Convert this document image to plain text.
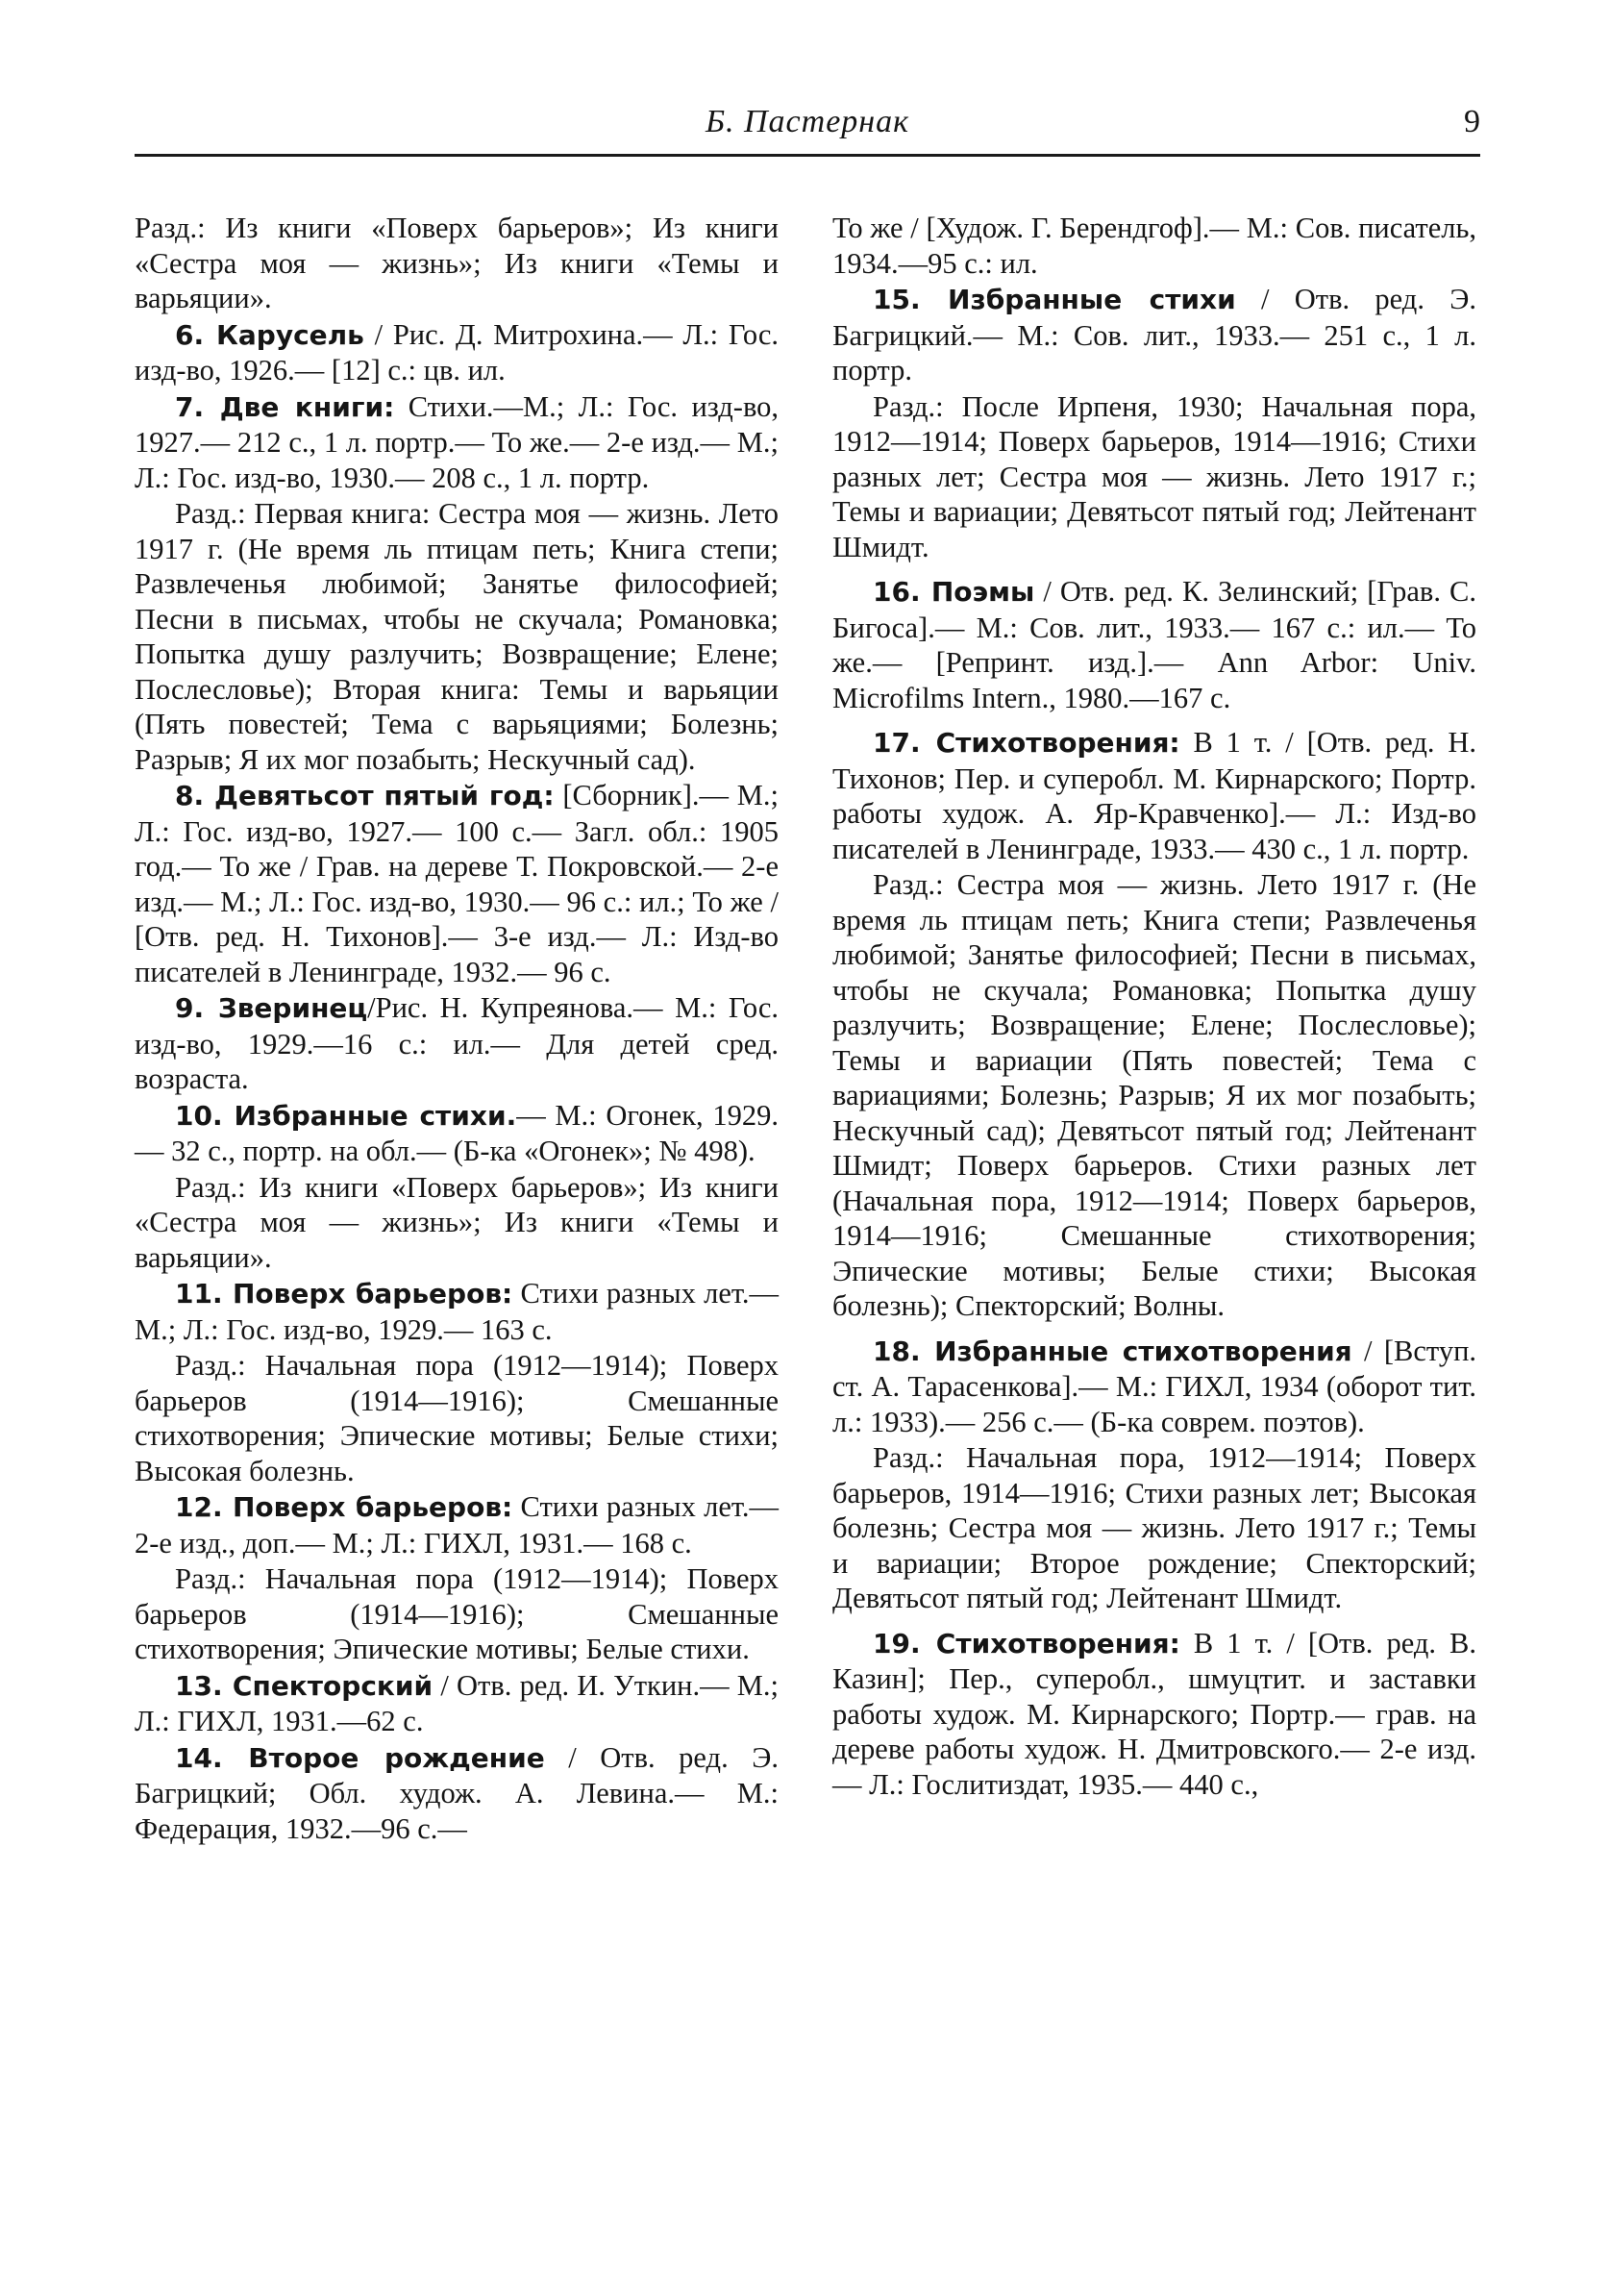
Б. Пастернак	9

Разд.: Из книги «Поверх барьеров»; Из книги «Сестра моя — жизнь»; Из книги «Темы и варьяции».

6. Карусель / Рис. Д. Митрохина.— Л.: Гос. изд-во, 1926.— [12] с.: цв. ил.

7. Две книги: Стихи.—М.; Л.: Гос. изд-во, 1927.— 212 с., 1 л. портр.— То же.— 2-е изд.— М.; Л.: Гос. изд-во, 1930.— 208 с., 1 л. портр.

Разд.: Первая книга: Сестра моя — жизнь. Лето 1917 г. (Не время ль птицам петь; Книга степи; Развлеченья любимой; Занятье философией; Песни в письмах, чтобы не скучала; Романовка; Попытка душу разлучить; Возвращение; Елене; Послесловье); Вторая книга: Темы и варьяции (Пять повестей; Тема с варьяциями; Болезнь; Разрыв; Я их мог позабыть; Нескучный сад).

8. Девятьсот пятый год: [Сборник].— М.; Л.: Гос. изд-во, 1927.— 100 с.— Загл. обл.: 1905 год.— То же / Грав. на дереве Т. Покровской.— 2-е изд.— М.; Л.: Гос. изд-во, 1930.— 96 с.: ил.; То же / [Отв. ред. Н. Тихонов].— 3-е изд.— Л.: Изд-во писателей в Ленинграде, 1932.— 96 с.

9. Зверинец/Рис. Н. Купреянова.— М.: Гос. изд-во, 1929.—16 с.: ил.— Для детей сред. возраста.

10. Избранные стихи.— М.: Огонек, 1929.— 32 с., портр. на обл.— (Б-ка «Огонек»; № 498).

Разд.: Из книги «Поверх барьеров»; Из книги «Сестра моя — жизнь»; Из книги «Темы и варьяции».

11. Поверх барьеров: Стихи разных лет.— М.; Л.: Гос. изд-во, 1929.— 163 с.

Разд.: Начальная пора (1912—1914); Поверх барьеров (1914—1916); Смешанные стихотворения; Эпические мотивы; Белые стихи; Высокая болезнь.

12. Поверх барьеров: Стихи разных лет.— 2-е изд., доп.— М.; Л.: ГИХЛ, 1931.— 168 с.

Разд.: Начальная пора (1912—1914); Поверх барьеров (1914—1916); Смешанные стихотворения; Эпические мотивы; Белые стихи.

13. Спекторский / Отв. ред. И. Уткин.— М.; Л.: ГИХЛ, 1931.—62 с.

14. Второе рождение / Отв. ред. Э. Багрицкий; Обл. худож. А. Левина.— М.: Федерация, 1932.—96 с.—

То же / [Худож. Г. Берендгоф].— М.: Сов. писатель, 1934.—95 с.: ил.

15. Избранные стихи / Отв. ред. Э. Багрицкий.— М.: Сов. лит., 1933.— 251 с., 1 л. портр.

Разд.: После Ирпеня, 1930; Начальная пора, 1912—1914; Поверх барьеров, 1914—1916; Стихи разных лет; Сестра моя — жизнь. Лето 1917 г.; Темы и вариации; Девятьсот пятый год; Лейтенант Шмидт.

16. Поэмы / Отв. ред. К. Зелинский; [Грав. С. Бигоса].— М.: Сов. лит., 1933.— 167 с.: ил.— То же.— [Репринт. изд.].— Ann Arbor: Univ. Microfilms Intern., 1980.—167 с.

17. Стихотворения: В 1 т. / [Отв. ред. Н. Тихонов; Пер. и суперобл. М. Кирнарского; Портр. работы худож. А. Яр-Кравченко].— Л.: Изд-во писателей в Ленинграде, 1933.— 430 с., 1 л. портр.

Разд.: Сестра моя — жизнь. Лето 1917 г. (Не время ль птицам петь; Книга степи; Развлеченья любимой; Занятье философией; Песни в письмах, чтобы не скучала; Романовка; Попытка душу разлучить; Возвращение; Елене; Послесловье); Темы и вариации (Пять повестей; Тема с вариациями; Болезнь; Разрыв; Я их мог позабыть; Нескучный сад); Девятьсот пятый год; Лейтенант Шмидт; Поверх барьеров. Стихи разных лет (Начальная пора, 1912—1914; Поверх барьеров, 1914—1916; Смешанные стихотворения; Эпические мотивы; Белые стихи; Высокая болезнь); Спекторский; Волны.

18. Избранные стихотворения / [Вступ. ст. А. Тарасенкова].— М.: ГИХЛ, 1934 (оборот тит. л.: 1933).— 256 с.— (Б-ка соврем. поэтов).

Разд.: Начальная пора, 1912—1914; Поверх барьеров, 1914—1916; Стихи разных лет; Высокая болезнь; Сестра моя — жизнь. Лето 1917 г.; Темы и вариации; Второе рождение; Спекторский; Девятьсот пятый год; Лейтенант Шмидт.

19. Стихотворения: В 1 т. / [Отв. ред. В. Казин]; Пер., суперобл., шмуцтит. и заставки работы худож. М. Кирнарского; Портр.— грав. на дереве работы худож. Н. Дмитровского.— 2-е изд.— Л.: Гослитиздат, 1935.— 440 с.,
